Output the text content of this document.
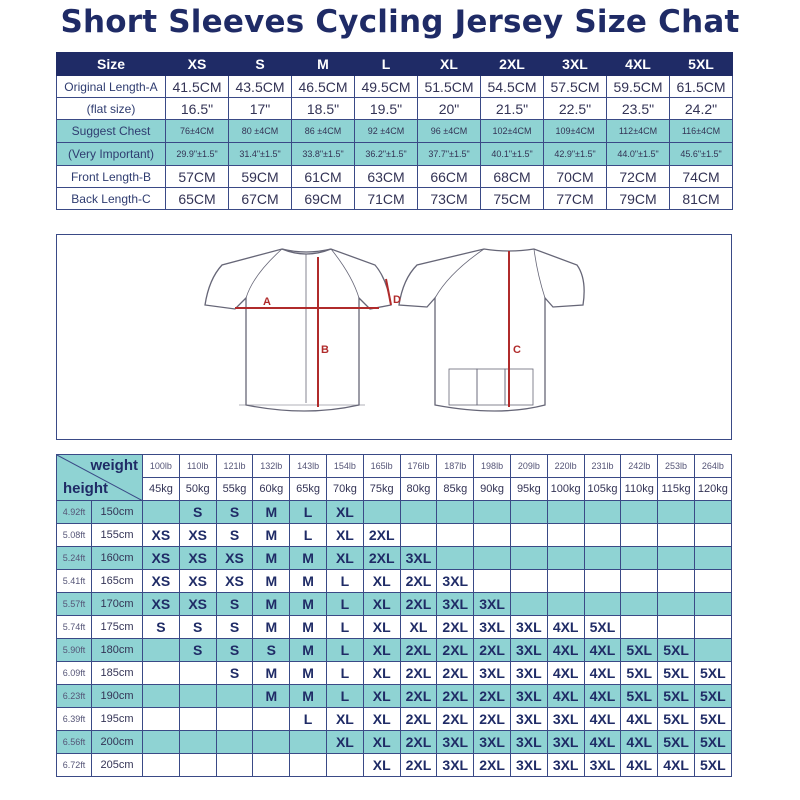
Short Sleeves Cycling Jersey Size Chat
Size	XS	S	M	L	XL	2XL	3XL	4XL	5XL
Original Length-A	41.5CM	43.5CM	46.5CM	49.5CM	51.5CM	54.5CM	57.5CM	59.5CM	61.5CM
(flat size)	16.5"	17"	18.5"	19.5"	20"	21.5"	22.5"	23.5"	24.2"
Suggest Chest	76±4CM	80 ±4CM	86 ±4CM	92 ±4CM	96 ±4CM	102±4CM	109±4CM	112±4CM	116±4CM
(Very Important)	29.9"±1.5"	31.4"±1.5"	33.8"±1.5"	36.2"±1.5"	37.7"±1.5"	40.1"±1.5"	42.9"±1.5"	44.0"±1.5"	45.6"±1.5"
Front Length-B	57CM	59CM	61CM	63CM	66CM	68CM	70CM	72CM	74CM
Back Length-C	65CM	67CM	69CM	71CM	73CM	75CM	77CM	79CM	81CM
A
B
D
C
weight
height		100lb	110lb	121lb	132lb	143lb	154lb	165lb	176lb	187lb	198lb	209lb	220lb	231lb	242lb	253lb	264lb
		45kg	50kg	55kg	60kg	65kg	70kg	75kg	80kg	85kg	90kg	95kg	100kg	105kg	110kg	115kg	120kg
4.92ft	150cm		S	S	M	L	XL										
5.08ft	155cm	XS	XS	S	M	L	XL	2XL									
5.24ft	160cm	XS	XS	XS	M	M	XL	2XL	3XL								
5.41ft	165cm	XS	XS	XS	M	M	L	XL	2XL	3XL							
5.57ft	170cm	XS	XS	S	M	M	L	XL	2XL	3XL	3XL						
5.74ft	175cm	S	S	S	M	M	L	XL	XL	2XL	3XL	3XL	4XL	5XL			
5.90ft	180cm		S	S	S	M	L	XL	2XL	2XL	2XL	3XL	4XL	4XL	5XL	5XL	
6.09ft	185cm			S	M	M	L	XL	2XL	2XL	3XL	3XL	4XL	4XL	5XL	5XL	5XL
6.23ft	190cm				M	M	L	XL	2XL	2XL	2XL	3XL	4XL	4XL	5XL	5XL	5XL
6.39ft	195cm					L	XL	XL	2XL	2XL	2XL	3XL	3XL	4XL	4XL	5XL	5XL
6.56ft	200cm						XL	XL	2XL	3XL	3XL	3XL	3XL	4XL	4XL	5XL	5XL
6.72ft	205cm							XL	2XL	3XL	2XL	3XL	3XL	3XL	4XL	4XL	5XL
